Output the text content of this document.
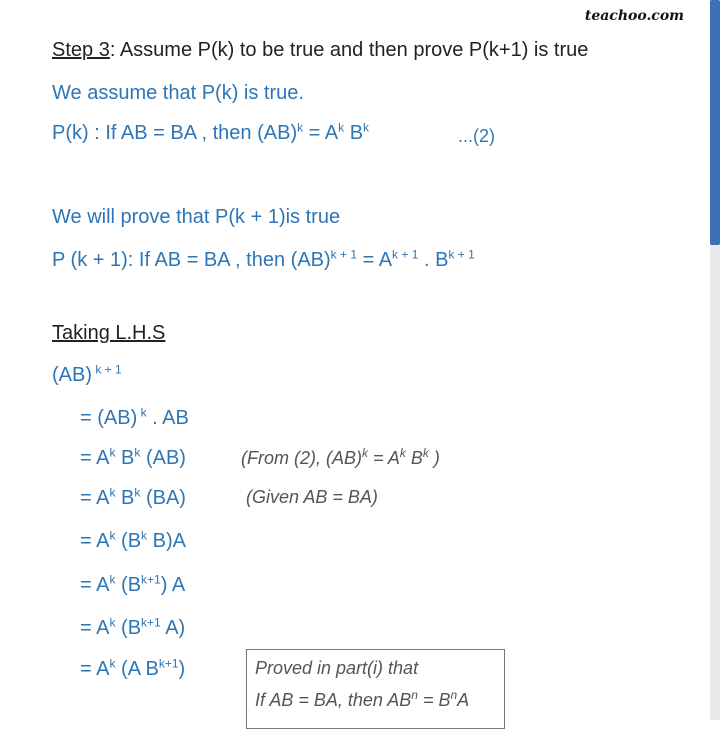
teachoo.com
Step 3: Assume P(k) to be true and then prove P(k+1) is true
We assume that P(k) is true.
P(k) : If AB = BA , then $(AB)^k = A^k$ $B^k$	...(2)
We will prove that P(k + 1)is true
P (k + 1): If AB = BA , then $(AB)^{k + 1} = A^{k + 1}$ . $B^{k + 1}$
Taking L.H.S
(AB) $^{k + 1}$
= (AB) $^k$ . AB
= $A^k$ $B^k$ (AB)	(From (2), $(AB)^k = A^k$ $B^k$ )
= $A^k$ $B^k$ (BA)	(Given AB = BA)
= $A^k$ ($B^k$ B)A
= $A^k$ $(B^{k+1})$ A
= $A^k$ ($B^{k+1}$ A)
= $A^k$ (A $B^{k+1}$)	Proved in part(i) that
If AB = BA, then $AB^n = B^nA$
